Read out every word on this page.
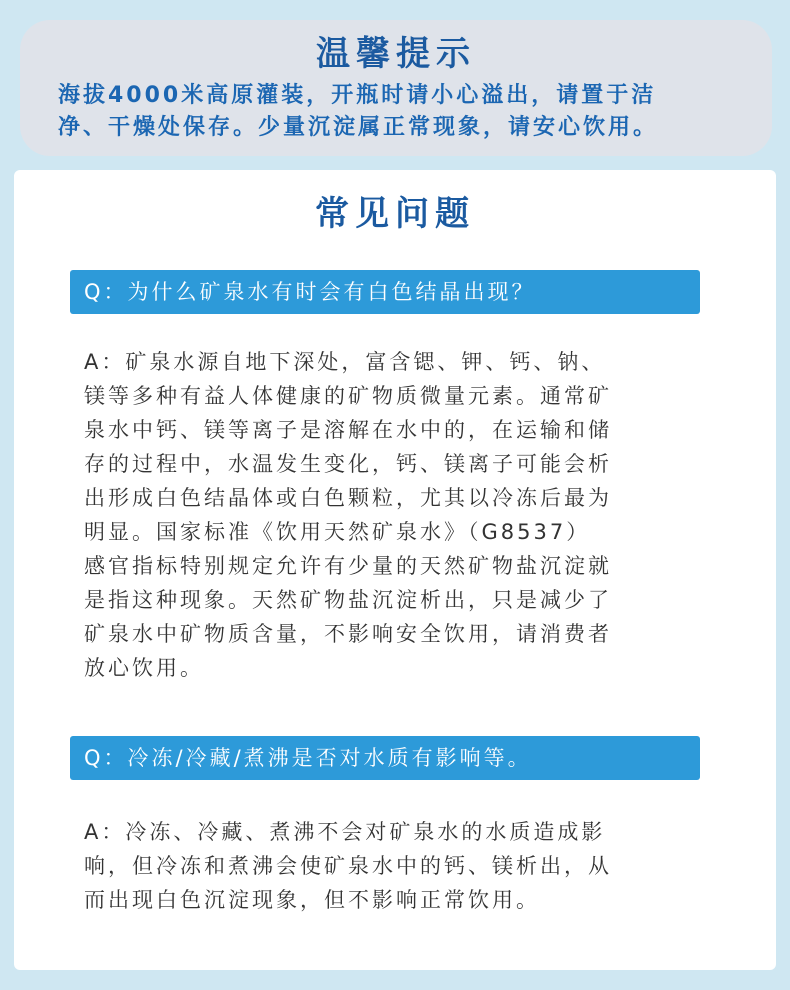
温馨提示
海拔4000米高原灌装，开瓶时请小心溢出，请置于洁
净、干燥处保存。少量沉淀属正常现象，请安心饮用。
常见问题
Q：为什么矿泉水有时会有白色结晶出现？
A：矿泉水源自地下深处，富含锶、钾、钙、钠、
镁等多种有益人体健康的矿物质微量元素。通常矿
泉水中钙、镁等离子是溶解在水中的，在运输和储
存的过程中，水温发生变化，钙、镁离子可能会析
出形成白色结晶体或白色颗粒，尤其以冷冻后最为
明显。国家标准《饮用天然矿泉水》（G8537）
感官指标特别规定允许有少量的天然矿物盐沉淀就
是指这种现象。天然矿物盐沉淀析出，只是减少了
矿泉水中矿物质含量，不影响安全饮用，请消费者
放心饮用。
Q：冷冻/冷藏/煮沸是否对水质有影响等。
A：冷冻、冷藏、煮沸不会对矿泉水的水质造成影
响，但冷冻和煮沸会使矿泉水中的钙、镁析出，从
而出现白色沉淀现象，但不影响正常饮用。
